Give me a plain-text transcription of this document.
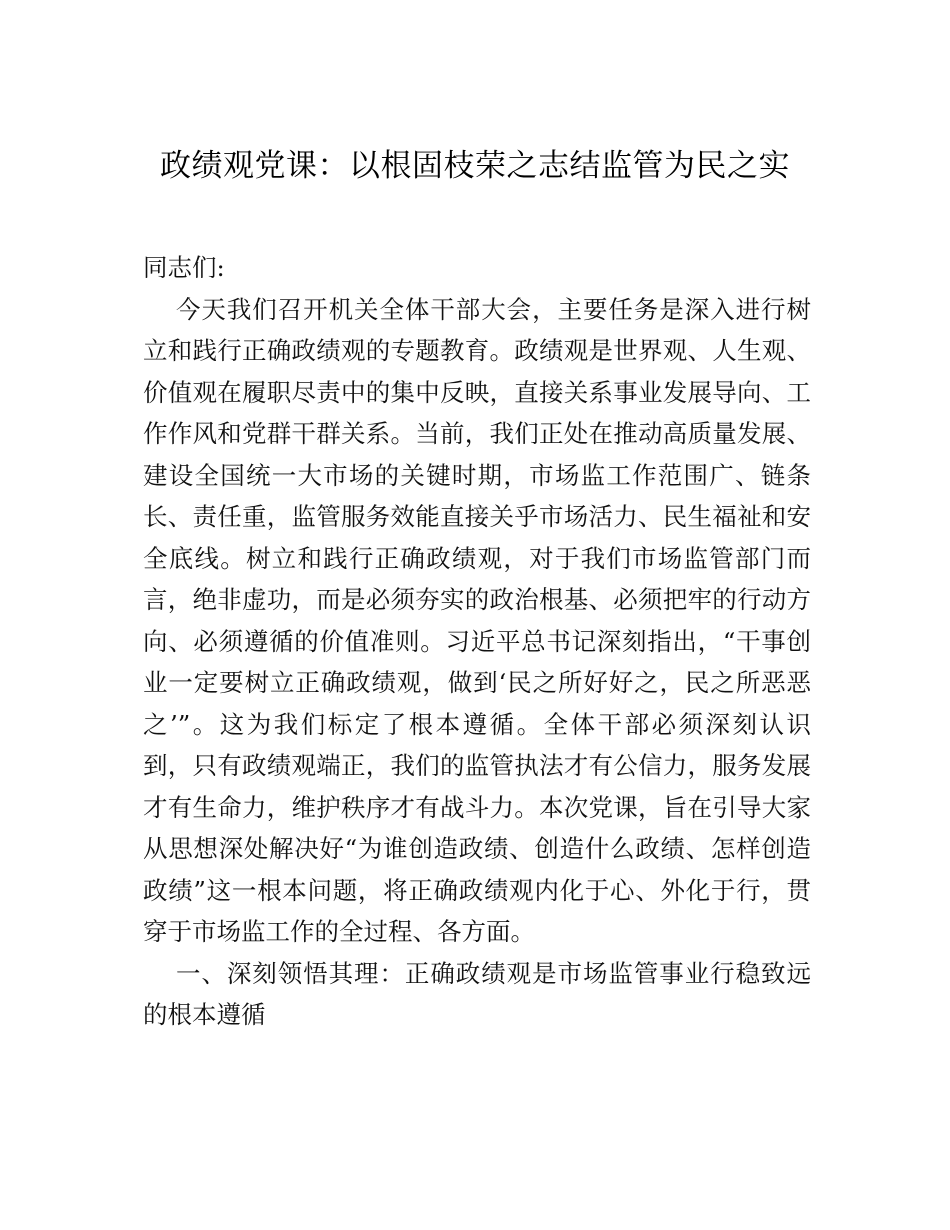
政绩观党课：以根固枝荣之志结监管为民之实
同志们:
今天我们召开机关全体干部大会，主要任务是深入进行树
立和践行正确政绩观的专题教育。政绩观是世界观、人生观、
价值观在履职尽责中的集中反映，直接关系事业发展导向、工
作作风和党群干群关系。当前，我们正处在推动高质量发展、
建设全国统一大市场的关键时期，市场监工作范围广、链条
长、责任重，监管服务效能直接关乎市场活力、民生福祉和安
全底线。树立和践行正确政绩观，对于我们市场监管部门而
言，绝非虚功，而是必须夯实的政治根基、必须把牢的行动方
向、必须遵循的价值准则。习近平总书记深刻指出，“干事创
业一定要树立正确政绩观，做到‘民之所好好之，民之所恶恶
之’”。这为我们标定了根本遵循。全体干部必须深刻认识
到，只有政绩观端正，我们的监管执法才有公信力，服务发展
才有生命力，维护秩序才有战斗力。本次党课，旨在引导大家
从思想深处解决好“为谁创造政绩、创造什么政绩、怎样创造
政绩”这一根本问题，将正确政绩观内化于心、外化于行，贯
穿于市场监工作的全过程、各方面。
一、深刻领悟其理：正确政绩观是市场监管事业行稳致远
的根本遵循
